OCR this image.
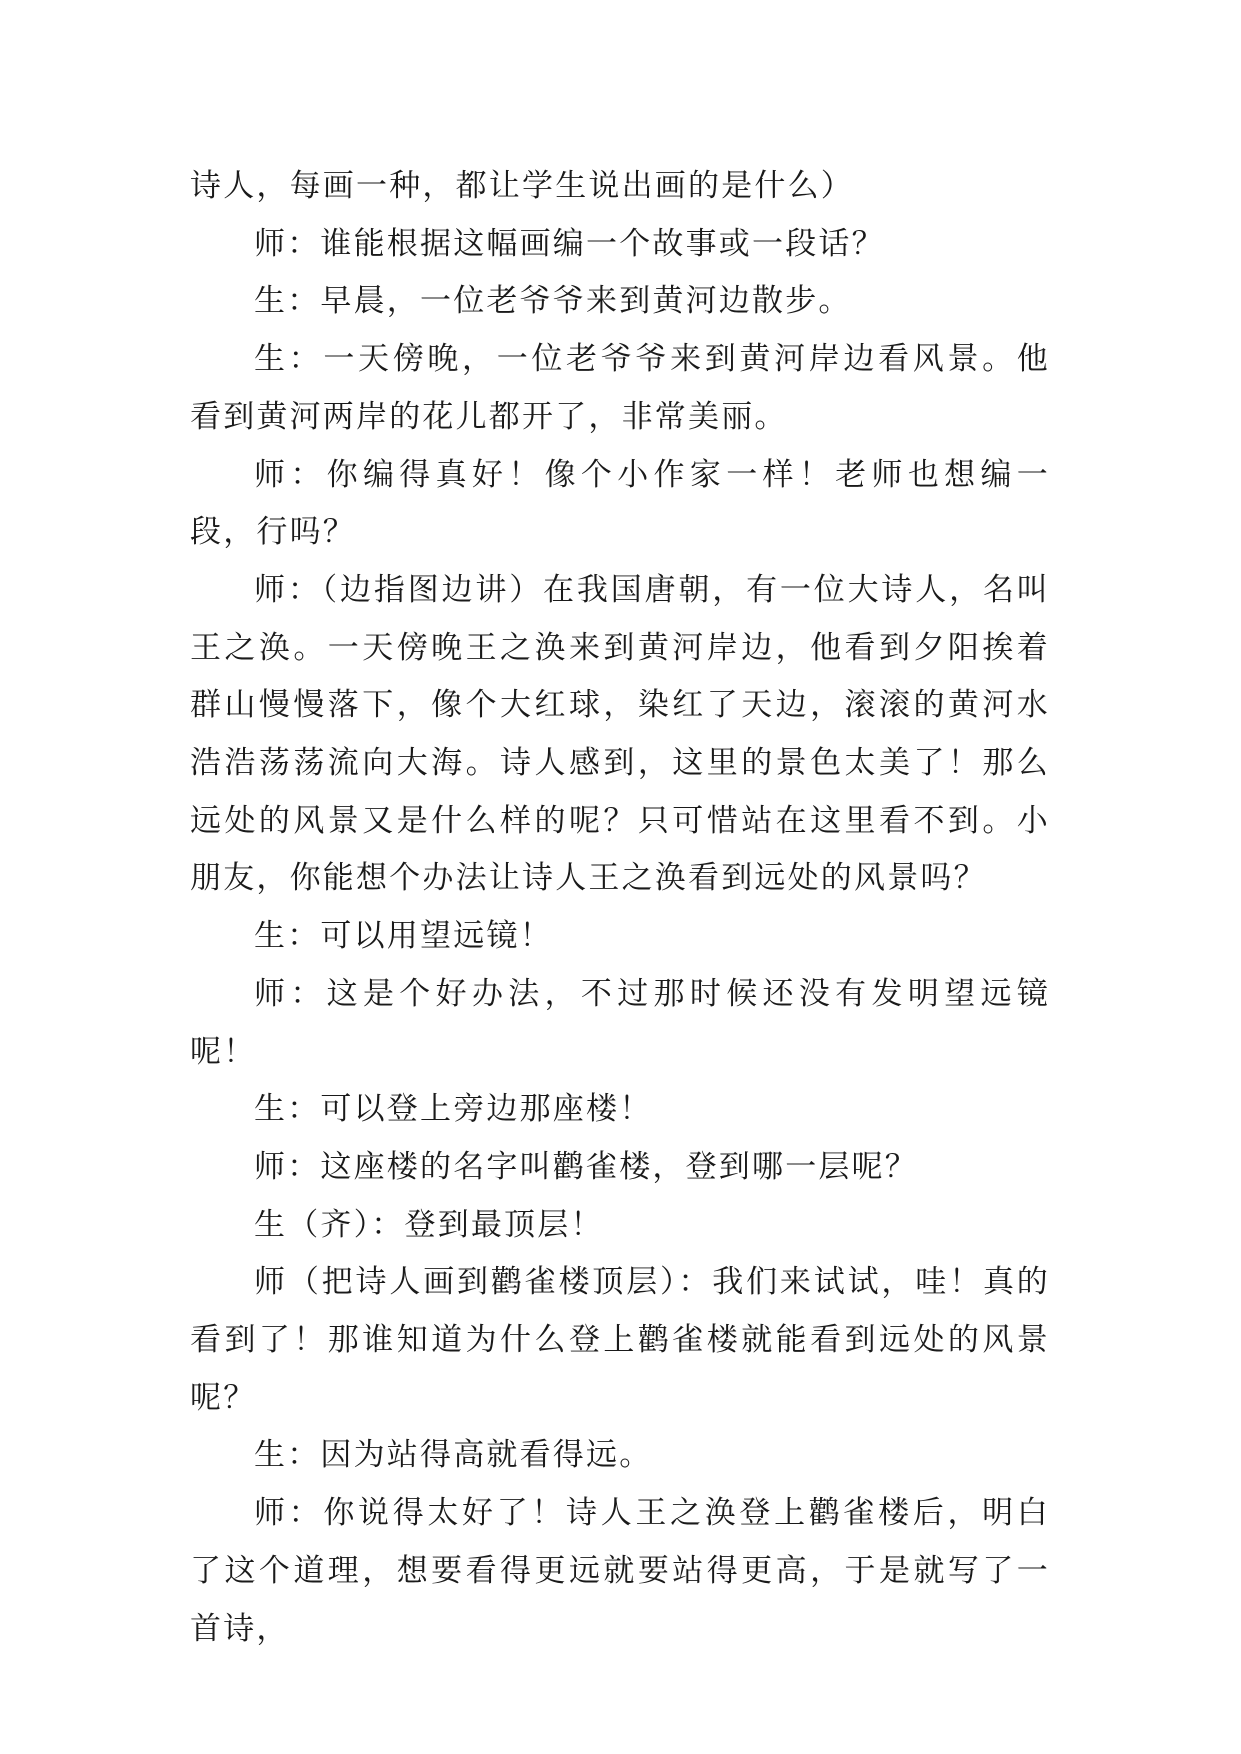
诗人，每画一种，都让学生说出画的是什么）

师：谁能根据这幅画编一个故事或一段话？

生：早晨，一位老爷爷来到黄河边散步。

生：一天傍晚，一位老爷爷来到黄河岸边看风景。他看到黄河两岸的花儿都开了，非常美丽。

师：你编得真好！像个小作家一样！老师也想编一段，行吗？

师：（边指图边讲）在我国唐朝，有一位大诗人，名叫王之涣。一天傍晚王之涣来到黄河岸边，他看到夕阳挨着群山慢慢落下，像个大红球，染红了天边，滚滚的黄河水浩浩荡荡流向大海。诗人感到，这里的景色太美了！那么远处的风景又是什么样的呢？只可惜站在这里看不到。小朋友，你能想个办法让诗人王之涣看到远处的风景吗？

生：可以用望远镜！

师：这是个好办法，不过那时候还没有发明望远镜呢！

生：可以登上旁边那座楼！

师：这座楼的名字叫鹳雀楼，登到哪一层呢？

生（齐）：登到最顶层！

师（把诗人画到鹳雀楼顶层）：我们来试试，哇！真的看到了！那谁知道为什么登上鹳雀楼就能看到远处的风景呢？

生：因为站得高就看得远。

师：你说得太好了！诗人王之涣登上鹳雀楼后，明白了这个道理，想要看得更远就要站得更高，于是就写了一首诗，
